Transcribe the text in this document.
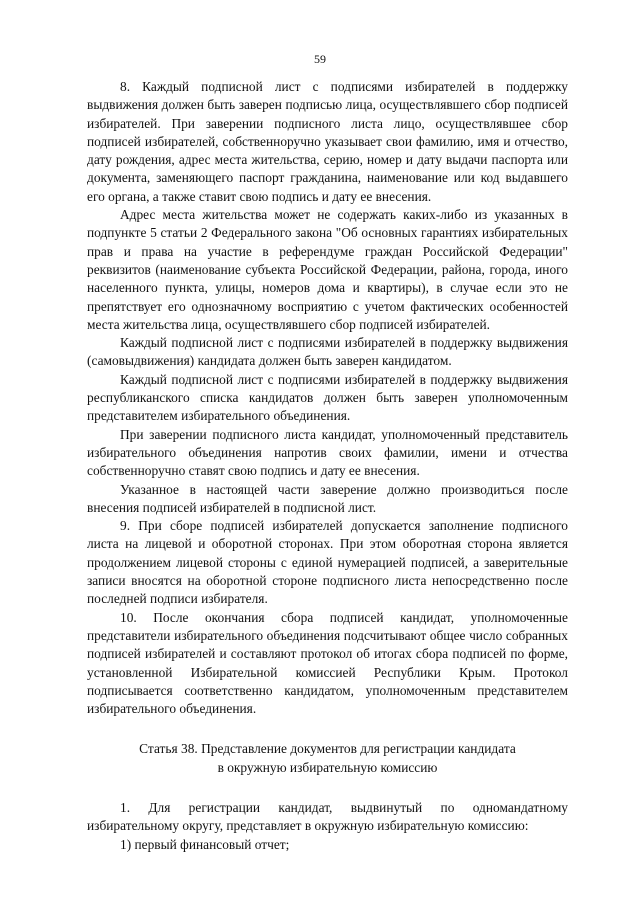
59

8. Каждый подписной лист с подписями избирателей в поддержку выдвижения должен быть заверен подписью лица, осуществлявшего сбор подписей избирателей. При заверении подписного листа лицо, осуществлявшее сбор подписей избирателей, собственноручно указывает свои фамилию, имя и отчество, дату рождения, адрес места жительства, серию, номер и дату выдачи паспорта или документа, заменяющего паспорт гражданина, наименование или код выдавшего его органа, а также ставит свою подпись и дату ее внесения.

Адрес места жительства может не содержать каких-либо из указанных в подпункте 5 статьи 2 Федерального закона "Об основных гарантиях избирательных прав и права на участие в референдуме граждан Российской Федерации" реквизитов (наименование субъекта Российской Федерации, района, города, иного населенного пункта, улицы, номеров дома и квартиры), в случае если это не препятствует его однозначному восприятию с учетом фактических особенностей места жительства лица, осуществлявшего сбор подписей избирателей.

Каждый подписной лист с подписями избирателей в поддержку выдвижения (самовыдвижения) кандидата должен быть заверен кандидатом.

Каждый подписной лист с подписями избирателей в поддержку выдвижения республиканского списка кандидатов должен быть заверен уполномоченным представителем избирательного объединения.

При заверении подписного листа кандидат, уполномоченный представитель избирательного объединения напротив своих фамилии, имени и отчества собственноручно ставят свою подпись и дату ее внесения.

Указанное в настоящей части заверение должно производиться после внесения подписей избирателей в подписной лист.

9. При сборе подписей избирателей допускается заполнение подписного листа на лицевой и оборотной сторонах. При этом оборотная сторона является продолжением лицевой стороны с единой нумерацией подписей, а заверительные записи вносятся на оборотной стороне подписного листа непосредственно после последней подписи избирателя.

10. После окончания сбора подписей кандидат, уполномоченные представители избирательного объединения подсчитывают общее число собранных подписей избирателей и составляют протокол об итогах сбора подписей по форме, установленной Избирательной комиссией Республики Крым. Протокол подписывается соответственно кандидатом, уполномоченным представителем избирательного объединения.

Статья 38. Представление документов для регистрации кандидата
в окружную избирательную комиссию

1. Для регистрации кандидат, выдвинутый по одномандатному избирательному округу, представляет в окружную избирательную комиссию:

1) первый финансовый отчет;
